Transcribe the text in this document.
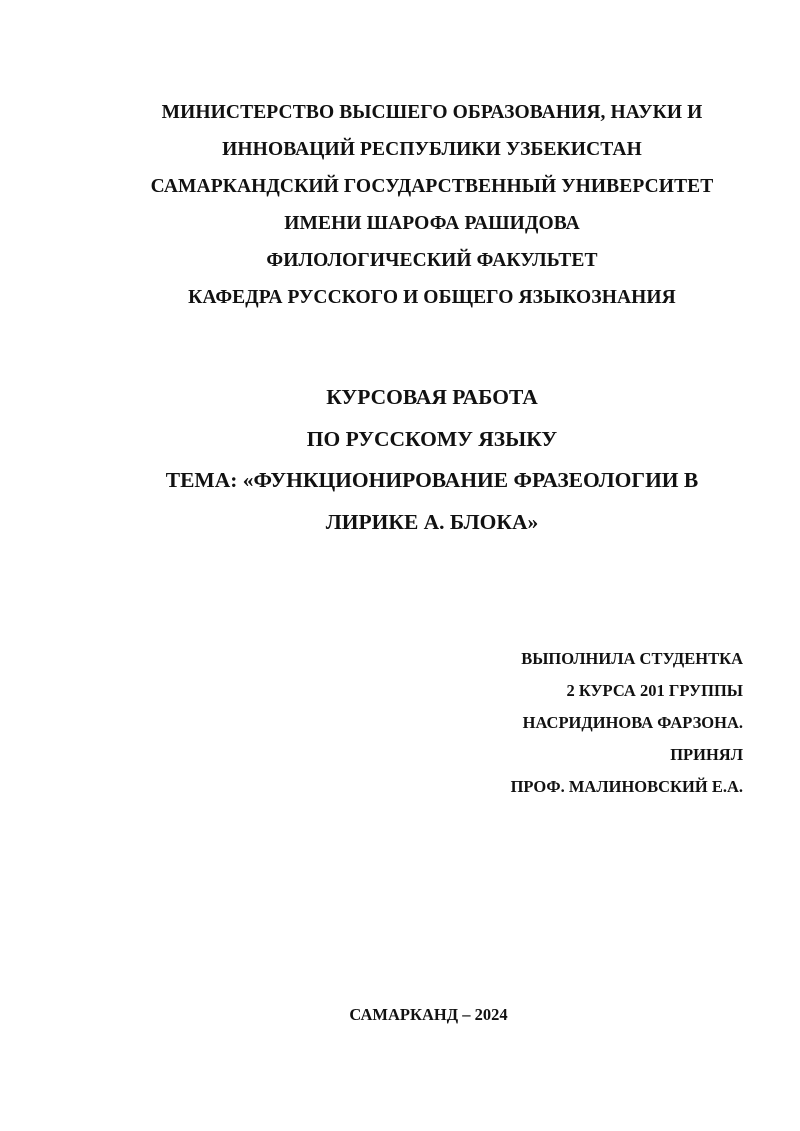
МИНИСТЕРСТВО ВЫСШЕГО ОБРАЗОВАНИЯ, НАУКИ И
ИННОВАЦИЙ РЕСПУБЛИКИ УЗБЕКИСТАН
САМАРКАНДСКИЙ ГОСУДАРСТВЕННЫЙ УНИВЕРСИТЕТ
ИМЕНИ ШАРОФА РАШИДОВА
ФИЛОЛОГИЧЕСКИЙ ФАКУЛЬТЕТ
КАФЕДРА РУССКОГО И ОБЩЕГО ЯЗЫКОЗНАНИЯ
КУРСОВАЯ РАБОТА
ПО РУССКОМУ ЯЗЫКУ
ТЕМА: «ФУНКЦИОНИРОВАНИЕ ФРАЗЕОЛОГИИ В
ЛИРИКЕ А. БЛОКА»
ВЫПОЛНИЛА СТУДЕНТКА
2 КУРСА 201 ГРУППЫ
НАСРИДИНОВА ФАРЗОНА.
ПРИНЯЛ
ПРОФ. МАЛИНОВСКИЙ Е.А.
САМАРКАНД – 2024
